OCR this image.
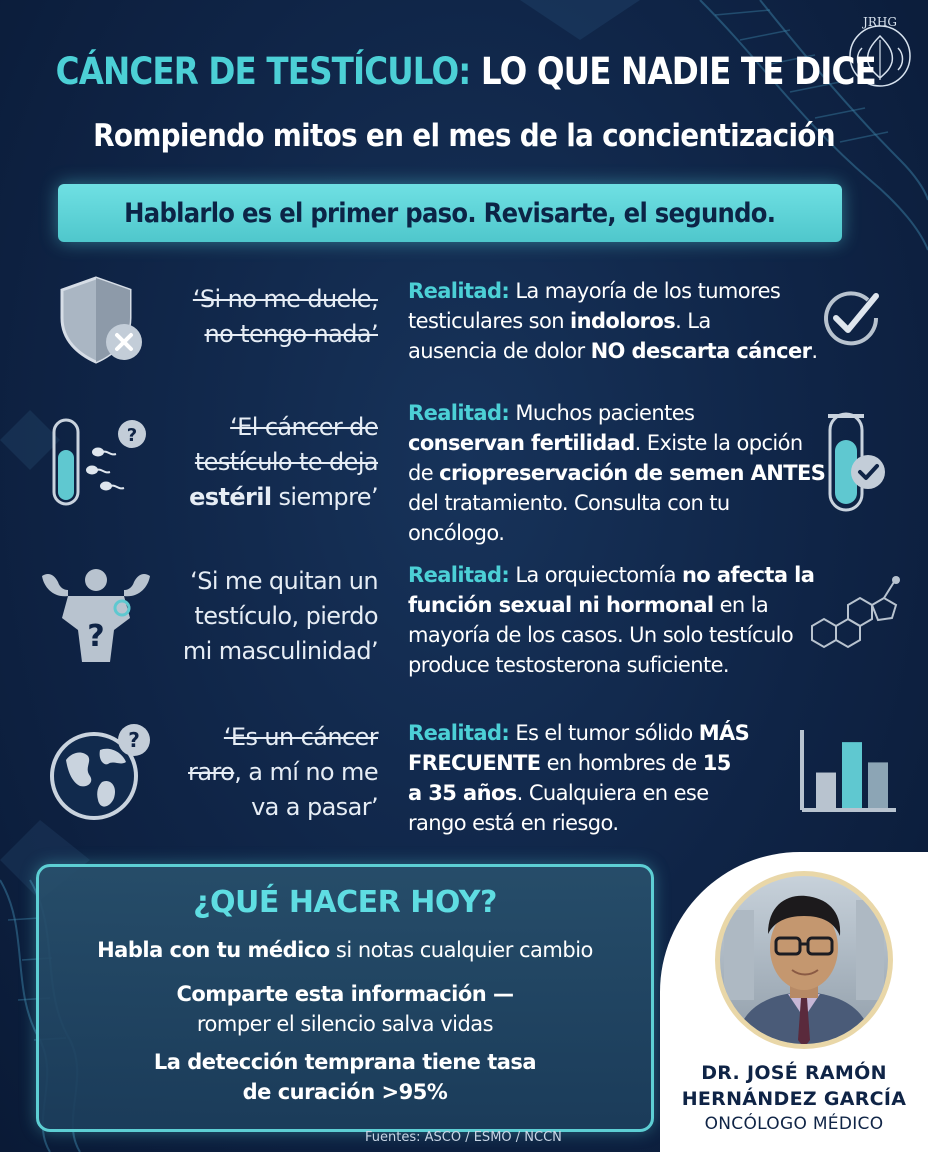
JRHG
CÁNCER DE TESTÍCULO: LO QUE NADIE TE DICE
Rompiendo mitos en el mes de la concientización
Hablarlo es el primer paso. Revisarte, el segundo.
‘Si no me duele,
no tengo nada’
Realitad: La mayoría de los tumores
testiculares son indoloros. La
ausencia de dolor NO descarta cáncer.
?	‘El cáncer de
testículo te deja
estéril siempre’
Realitad: Muchos pacientes
conservan fertilidad. Existe la opción
de criopreservación de semen ANTES
del tratamiento. Consulta con tu oncólogo.
?
‘Si me quitan un
testículo, pierdo
mi masculinidad’
Realitad: La orquiectomía no afecta la
función sexual ni hormonal en la
mayoría de los casos. Un solo testículo
produce testosterona suficiente.
?	‘Es un cáncer
raro, a mí no me
va a pasar’
Realitad: Es el tumor sólido MÁS
FRECUENTE en hombres de 15
a 35 años. Cualquiera en ese
rango está en riesgo.
¿QUÉ HACER HOY?
Habla con tu médico si notas cualquier cambio
Comparte esta información —
romper el silencio salva vidas
La detección temprana tiene tasa
de curación >95%
Fuentes: ASCO / ESMO / NCCN
DR. JOSÉ RAMÓN
HERNÁNDEZ GARCÍA
ONCÓLOGO MÉDICO
